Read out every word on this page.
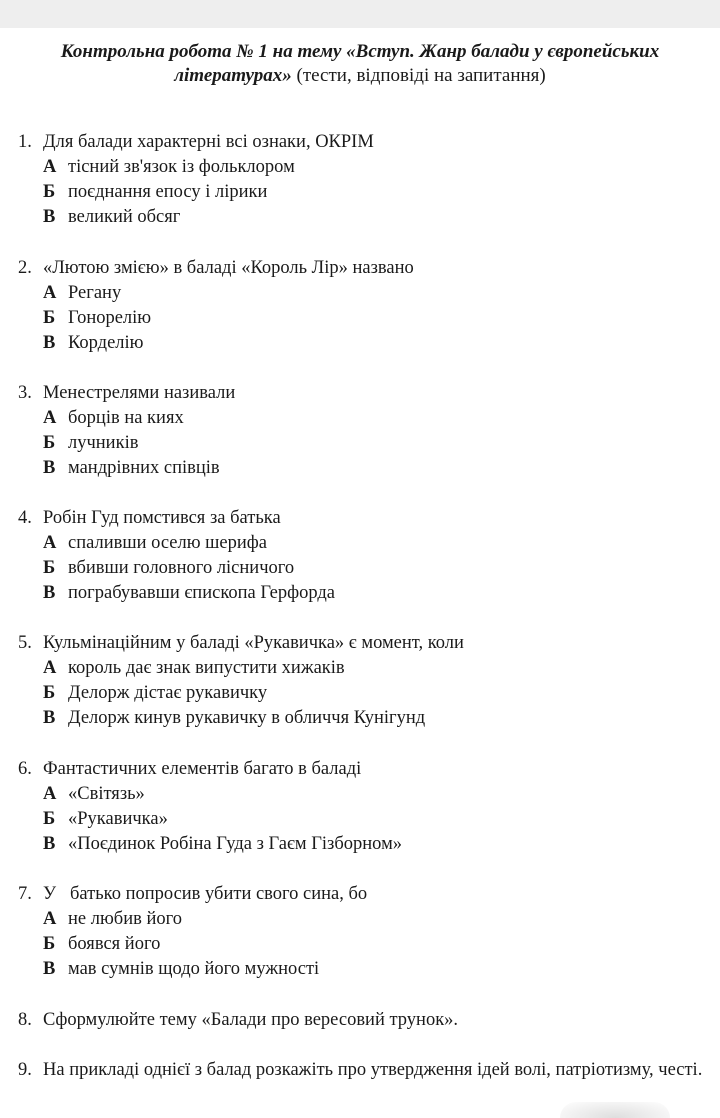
Контрольна робота № 1 на тему «Вступ. Жанр балади у європейських
літературах» (тести, відповіді на запитання)
1. Для балади характерні всі ознаки, ОКРІМ
А тісний зв'язок із фольклором
Б поєднання епосу і лірики
В великий обсяг
2. «Лютою змією» в баладі «Король Лір» названо
А Регану
Б Гонорелію
В Корделію
3. Менестрелями називали
А борців на киях
Б лучників
В мандрівних співців
4. Робін Гуд помстився за батька
А спаливши оселю шерифа
Б вбивши головного лісничого
В пограбувавши єпископа Герфорда
5. Кульмінаційним у баладі «Рукавичка» є момент, коли
А король дає знак випустити хижаків
Б Делорж дістає рукавичку
В Делорж кинув рукавичку в обличчя Кунігунд
6. Фантастичних елементів багато в баладі
А «Світязь»
Б «Рукавичка»
В «Поєдинок Робіна Гуда з Гаєм Гізборном»
7. У   батько попросив убити свого сина, бо
А не любив його
Б боявся його
В мав сумнів щодо його мужності
8. Сформулюйте тему «Балади про вересовий трунок».
9. На прикладі однієї з балад розкажіть про утвердження ідей волі, патріотизму, честі.
